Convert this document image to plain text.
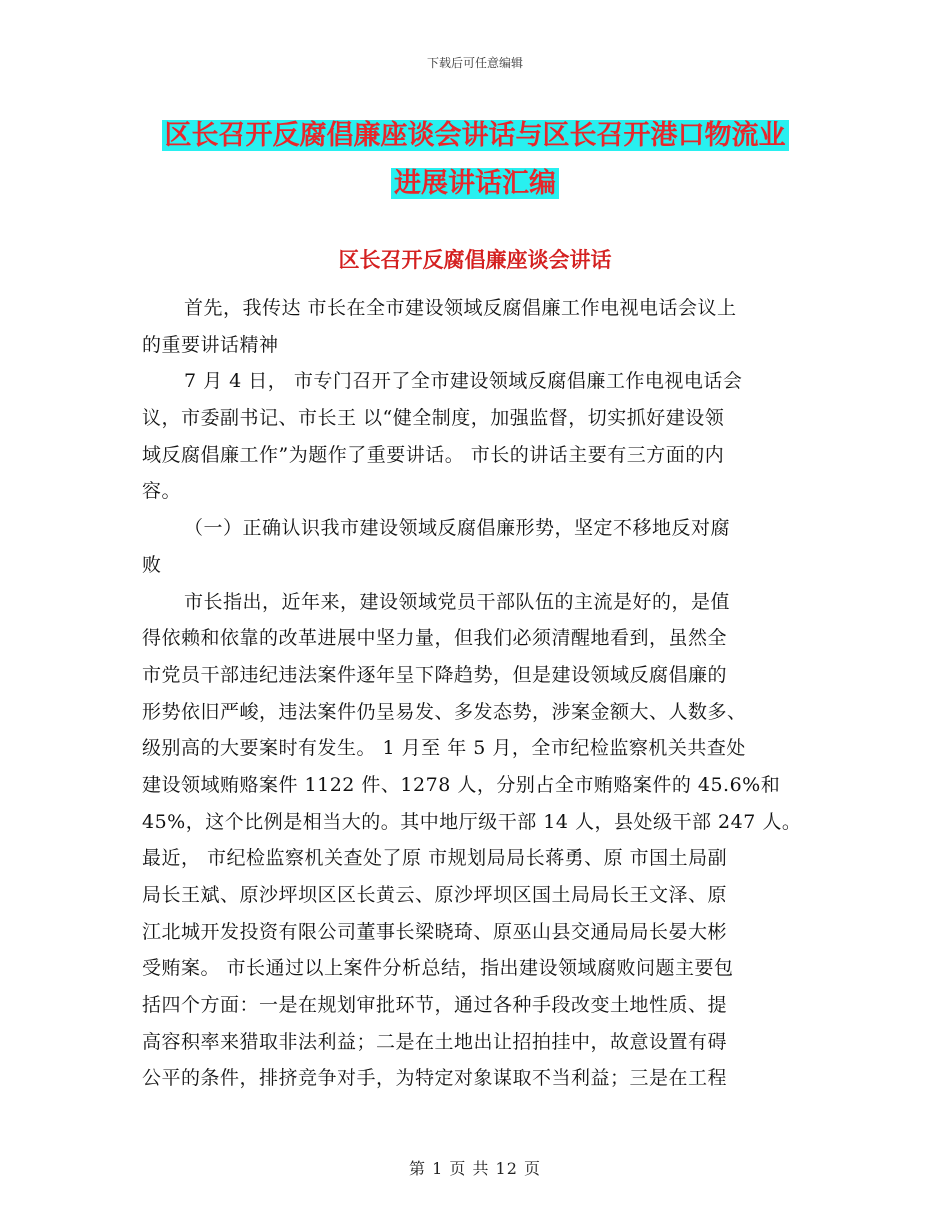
下载后可任意编辑
区长召开反腐倡廉座谈会讲话与区长召开港口物流业
进展讲话汇编
区长召开反腐倡廉座谈会讲话
首先，我传达 市长在全市建设领域反腐倡廉工作电视电话会议上
的重要讲话精神
7 月 4 日， 市专门召开了全市建设领域反腐倡廉工作电视电话会
议，市委副书记、市长王 以“健全制度，加强监督，切实抓好建设领
域反腐倡廉工作”为题作了重要讲话。 市长的讲话主要有三方面的内
容。
（一）正确认识我市建设领域反腐倡廉形势，坚定不移地反对腐
败
市长指出，近年来，建设领域党员干部队伍的主流是好的，是值
得依赖和依靠的改革进展中坚力量，但我们必须清醒地看到，虽然全
市党员干部违纪违法案件逐年呈下降趋势，但是建设领域反腐倡廉的
形势依旧严峻，违法案件仍呈易发、多发态势，涉案金额大、人数多、
级别高的大要案时有发生。 1 月至 年 5 月，全市纪检监察机关共查处
建设领域贿赂案件 1122 件、1278 人，分别占全市贿赂案件的 45.6%和
45%，这个比例是相当大的。其中地厅级干部 14 人，县处级干部 247 人。
最近， 市纪检监察机关查处了原 市规划局局长蒋勇、原 市国土局副
局长王斌、原沙坪坝区区长黄云、原沙坪坝区国土局局长王文泽、原
江北城开发投资有限公司董事长梁晓琦、原巫山县交通局局长晏大彬
受贿案。 市长通过以上案件分析总结，指出建设领域腐败问题主要包
括四个方面：一是在规划审批环节，通过各种手段改变土地性质、提
高容积率来猎取非法利益；二是在土地出让招拍挂中，故意设置有碍
公平的条件，排挤竞争对手，为特定对象谋取不当利益；三是在工程
第 1 页 共 12 页
